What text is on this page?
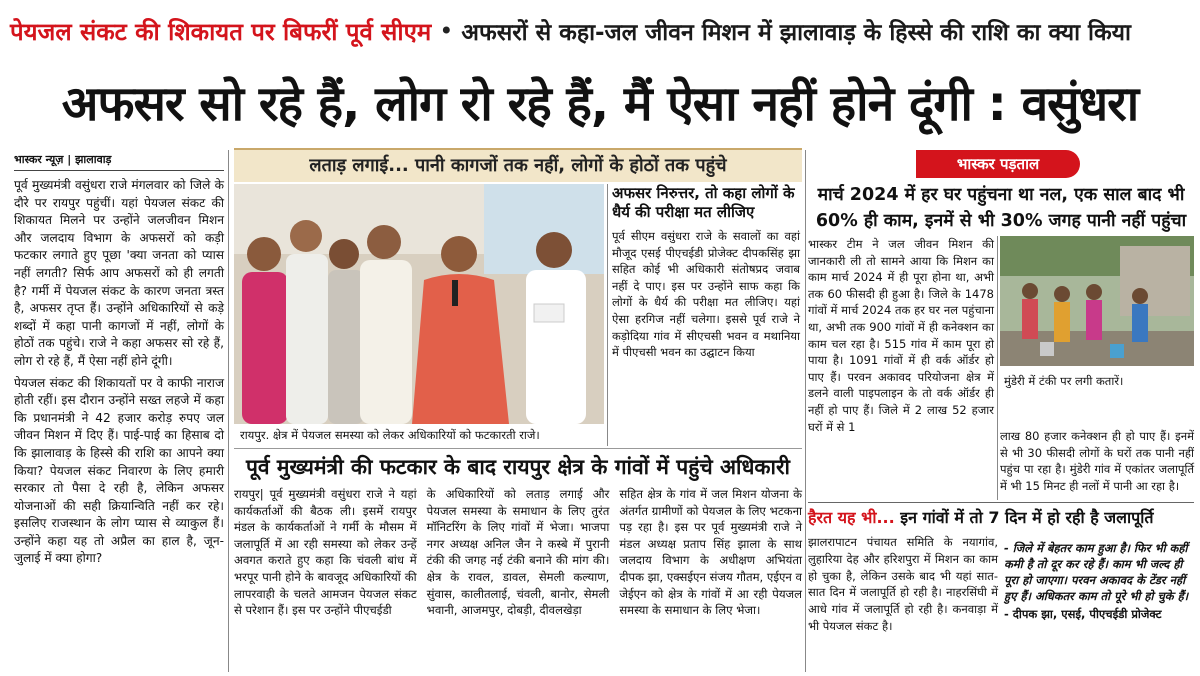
पेयजल संकट की शिकायत पर बिफरीं पूर्व सीएम • अफसरों से कहा-जल जीवन मिशन में झालावाड़ के हिस्से की राशि का क्या किया
अफसर सो रहे हैं, लोग रो रहे हैं, मैं ऐसा नहीं होने दूंगी : वसुंधरा
भास्कर न्यूज़ | झालावाड़

पूर्व मुख्यमंत्री वसुंधरा राजे मंगलवार को जिले के दौरे पर रायपुर पहुंचीं। यहां पेयजल संकट की शिकायत मिलने पर उन्होंने जलजीवन मिशन और जलदाय विभाग के अफसरों को कड़ी फटकार लगाते हुए पूछा 'क्या जनता को प्यास नहीं लगती? सिर्फ आप अफसरों को ही लगती है? गर्मी में पेयजल संकट के कारण जनता त्रस्त है, अफसर तृप्त हैं। उन्होंने अधिकारियों से कड़े शब्दों में कहा पानी कागजों में नहीं, लोगों के होठों तक पहुंचे। राजे ने कहा अफसर सो रहे हैं, लोग रो रहे हैं, मैं ऐसा नहीं होने दूंगी।

पेयजल संकट की शिकायतों पर वे काफी नाराज होती रहीं। इस दौरान उन्होंने सख्त लहजे में कहा कि प्रधानमंत्री ने 42 हजार करोड़ रुपए जल जीवन मिशन में दिए हैं। पाई-पाई का हिसाब दो कि झालावाड़ के हिस्से की राशि का आपने क्या किया? पेयजल संकट निवारण के लिए हमारी सरकार तो पैसा दे रही है, लेकिन अफसर योजनाओं की सही क्रियान्विति नहीं कर रहे। इसलिए राजस्थान के लोग प्यास से व्याकुल हैं। उन्होंने कहा यह तो अप्रैल का हाल है, जून-जुलाई में क्या होगा?

लताड़ लगाई... पानी कागजों तक नहीं, लोगों के होठों तक पहुंचे
रायपुर. क्षेत्र में पेयजल समस्या को लेकर अधिकारियों को फटकारती राजे।
अफसर निरुत्तर, तो कहा लोगों के धैर्य की परीक्षा मत लीजिए

पूर्व सीएम वसुंधरा राजे के सवालों का वहां मौजूद एसई पीएचईडी प्रोजेक्ट दीपकसिंह झा सहित कोई भी अधिकारी संतोषप्रद जवाब नहीं दे पाए। इस पर उन्होंने साफ कहा कि लोगों के धैर्य की परीक्षा मत लीजिए। यहां ऐसा हरगिज नहीं चलेगा। इससे पूर्व राजे ने कड़ोदिया गांव में सीएचसी भवन व मथानिया में पीएचसी भवन का उद्घाटन किया

पूर्व मुख्यमंत्री की फटकार के बाद रायपुर क्षेत्र के गांवों में पहुंचे अधिकारी

रायपुर| पूर्व मुख्यमंत्री वसुंधरा राजे ने यहां कार्यकर्ताओं की बैठक ली। इसमें रायपुर मंडल के कार्यकर्ताओं ने गर्मी के मौसम में जलापूर्ति में आ रही समस्या को लेकर उन्हें अवगत कराते हुए कहा कि चंवली बांध में भरपूर पानी होने के बावजूद अधिकारियों की लापरवाही के चलते आमजन पेयजल संकट से परेशान हैं। इस पर उन्होंने पीएचईडी

के अधिकारियों को लताड़ लगाई और पेयजल समस्या के समाधान के लिए तुरंत मॉनिटरिंग के लिए गांवों में भेजा। भाजपा नगर अध्यक्ष अनिल जैन ने कस्बे में पुरानी टंकी की जगह नई टंकी बनाने की मांग की। क्षेत्र के रावल, डावल, सेमली कल्याण, सुंवास, कालीतलाई, चंवली, बानोर, सेमली भवानी, आजमपुर, दोबड़ी, दीवलखेड़ा

सहित क्षेत्र के गांव में जल मिशन योजना के अंतर्गत ग्रामीणों को पेयजल के लिए भटकना पड़ रहा है। इस पर पूर्व मुख्यमंत्री राजे ने मंडल अध्यक्ष प्रताप सिंह झाला के साथ जलदाय विभाग के अधीक्षण अभियंता दीपक झा, एक्सईएन संजय गौतम, एईएन व जेईएन को क्षेत्र के गांवों में आ रही पेयजल समस्या के समाधान के लिए भेजा।

भास्कर पड़ताल
मार्च 2024 में हर घर पहुंचना था नल, एक साल बाद भी 60% ही काम, इनमें से भी 30% जगह पानी नहीं पहुंचा

भास्कर टीम ने जल जीवन मिशन की जानकारी ली तो सामने आया कि मिशन का काम मार्च 2024 में ही पूरा होना था, अभी तक 60 फीसदी ही हुआ है। जिले के 1478 गांवों में मार्च 2024 तक हर घर नल पहुंचाना था, अभी तक 900 गांवों में ही कनेक्शन का काम चल रहा है। 515 गांव में काम पूरा हो पाया है। 1091 गांवों में ही वर्क ऑर्डर हो पाए हैं। परवन अकावद परियोजना क्षेत्र में डलने वाली पाइपलाइन के तो वर्क ऑर्डर ही नहीं हो पाए हैं। जिले में 2 लाख 52 हजार घरों में से 1

मुंडेरी में टंकी पर लगी कतारें।

लाख 80 हजार कनेक्शन ही हो पाए हैं। इनमें से भी 30 फीसदी लोगों के घरों तक पानी नहीं पहुंच पा रहा है। मुंडेरी गांव में एकांतर जलापूर्ति में भी 15 मिनट ही नलों में पानी आ रहा है।

हैरत यह भी... इन गांवों में तो 7 दिन में हो रही है जलापूर्ति

झालरापाटन पंचायत समिति के नयागांव, लुहारिया देह और हरिशपुरा में मिशन का काम हो चुका है, लेकिन उसके बाद भी यहां सात-सात दिन में जलापूर्ति हो रही है। नाहरसिंघी में आधे गांव में जलापूर्ति हो रही है। कनवाड़ा में भी पेयजल संकट है।

- जिले में बेहतर काम हुआ है। फिर भी कहीं कमी है तो दूर कर रहे हैं। काम भी जल्द ही पूरा हो जाएगा। परवन अकावद के टेंडर नहीं हुए हैं। अधिकतर काम तो पूरे भी हो चुके हैं।
- दीपक झा, एसई, पीएचईडी प्रोजेक्ट
